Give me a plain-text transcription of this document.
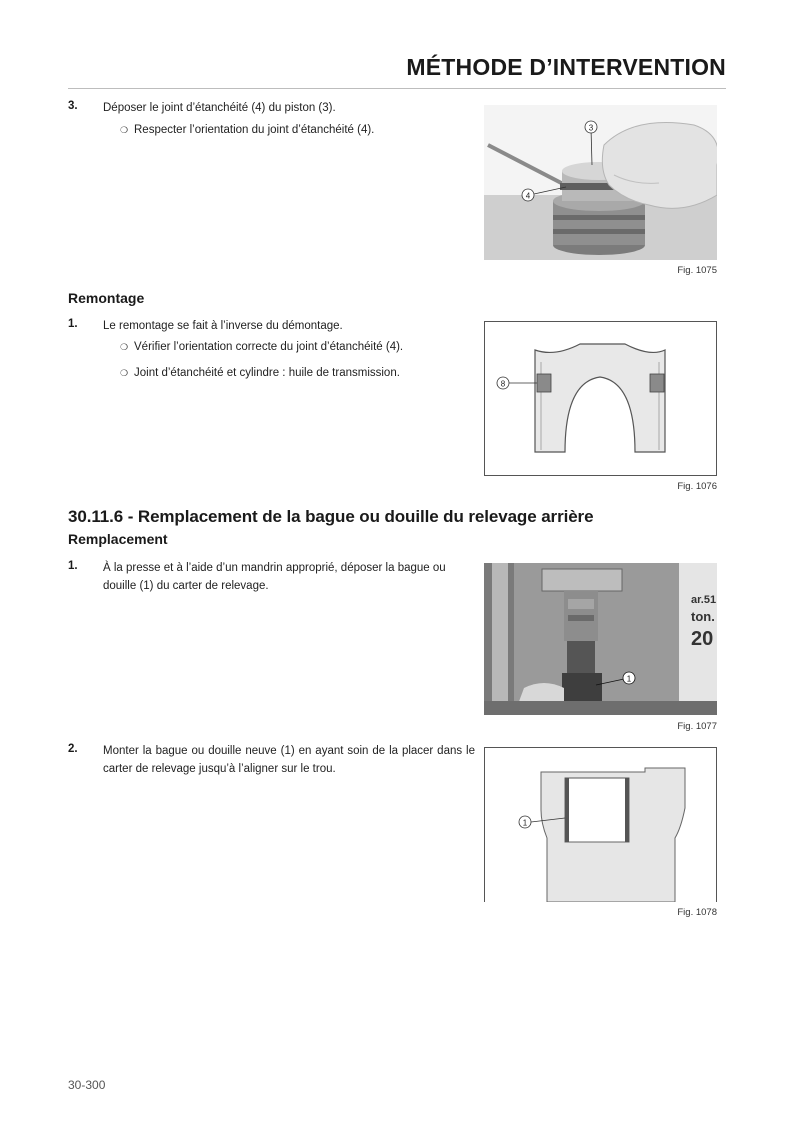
MÉTHODE D’INTERVENTION
3. Déposer le joint d’étanchéité (4) du piston (3).
❍ Respecter l’orientation du joint d’étanchéité (4).	3
4
Fig. 1075
Remontage
1. Le remontage se fait à l’inverse du démontage.
❍ Vérifier l’orientation correcte du joint d’étanchéité (4).
❍ Joint d’étanchéité et cylindre : huile de transmission.
8
Fig. 1076
30.11.6 - Remplacement de la bague ou douille du relevage arrière
Remplacement
1. À la presse et à l’aide d’un mandrin approprié, déposer la bague ou douille (1) du carter de relevage.
ar.51
ton.
20
1
Fig. 1077
2. Monter la bague ou douille neuve (1) en ayant soin de la placer dans le carter de relevage jusqu’à l’aligner sur le trou.
1
Fig. 1078
30-300
